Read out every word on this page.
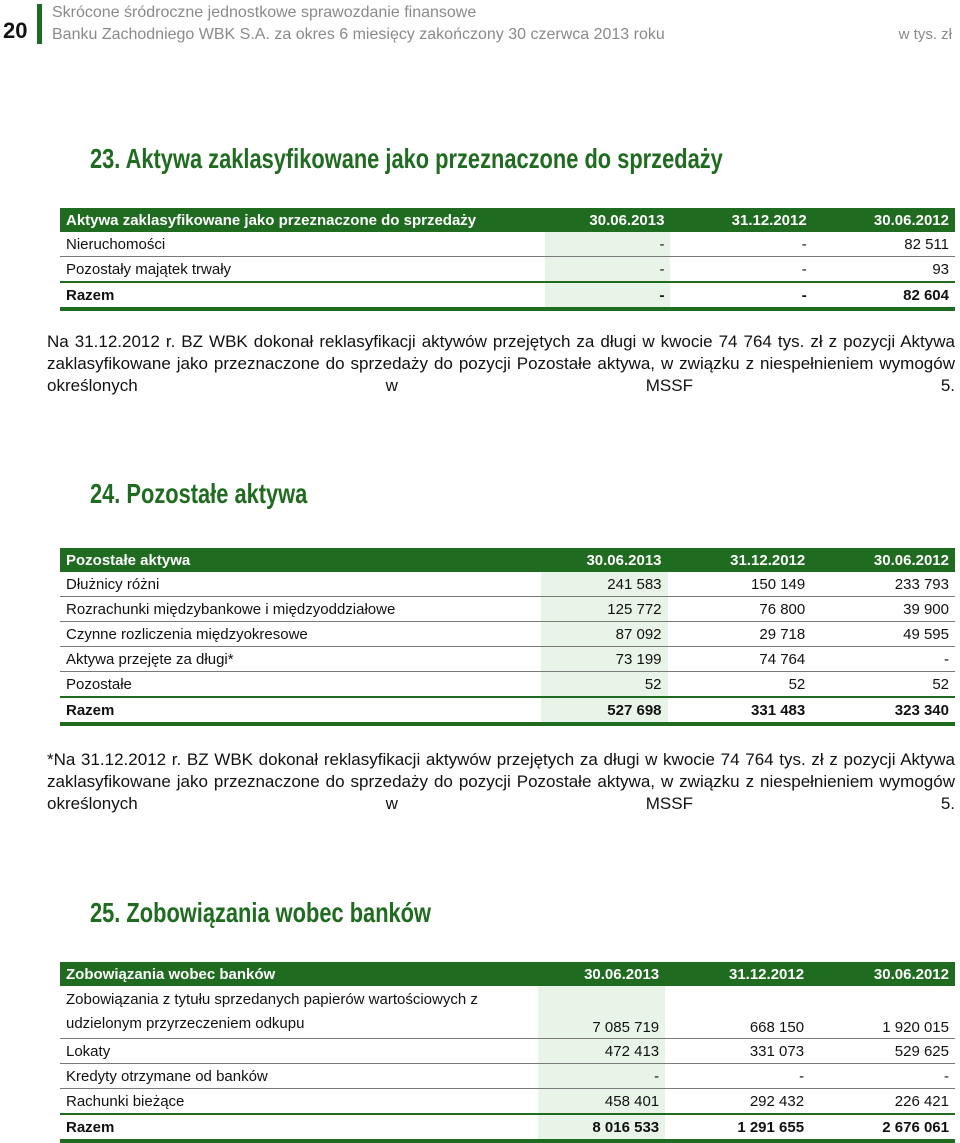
20
Skrócone śródroczne jednostkowe sprawozdanie finansowe
Banku Zachodniego WBK S.A. za okres 6 miesięcy zakończony 30 czerwca 2013 roku	w tys. zł
23. Aktywa zaklasyfikowane jako przeznaczone do sprzedaży
Aktywa zaklasyfikowane jako przeznaczone do sprzedaży	30.06.2013	31.12.2012	30.06.2012
Nieruchomości	-	-	82 511
Pozostały majątek trwały	-	-	93
Razem	-	-	82 604
Na 31.12.2012 r. BZ WBK dokonał reklasyfikacji aktywów przejętych za długi w kwocie 74 764 tys. zł z pozycji Aktywa zaklasyfikowane jako przeznaczone do sprzedaży do pozycji Pozostałe aktywa, w związku z niespełnieniem wymogów określonych w MSSF 5.
24. Pozostałe aktywa
Pozostałe aktywa	30.06.2013	31.12.2012	30.06.2012
Dłużnicy różni	241 583	150 149	233 793
Rozrachunki międzybankowe i międzyoddziałowe	125 772	76 800	39 900
Czynne rozliczenia międzyokresowe	87 092	29 718	49 595
Aktywa przejęte za długi*	73 199	74 764	-
Pozostałe	52	52	52
Razem	527 698	331 483	323 340
*Na 31.12.2012 r. BZ WBK dokonał reklasyfikacji aktywów przejętych za długi w kwocie 74 764 tys. zł z pozycji Aktywa zaklasyfikowane jako przeznaczone do sprzedaży do pozycji Pozostałe aktywa, w związku z niespełnieniem wymogów określonych w MSSF 5.
25. Zobowiązania wobec banków
Zobowiązania wobec banków	30.06.2013	31.12.2012	30.06.2012
Zobowiązania z tytułu sprzedanych papierów wartościowych z udzielonym przyrzeczeniem odkupu	7 085 719	668 150	1 920 015
Lokaty	472 413	331 073	529 625
Kredyty otrzymane od banków	-	-	-
Rachunki bieżące	458 401	292 432	226 421
Razem	8 016 533	1 291 655	2 676 061
